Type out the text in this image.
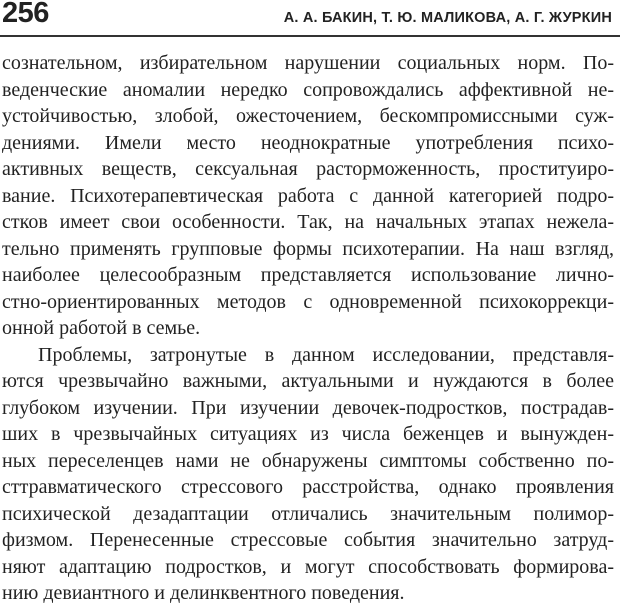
256	А. А. БАКИН, Т. Ю. МАЛИКОВА, А. Г. ЖУРКИН
сознательном, избирательном нарушении социальных норм. По-
веденческие аномалии нередко сопровождались аффективной не-
устойчивостью, злобой, ожесточением, бескомпромиссными суж-
дениями. Имели место неоднократные употребления психо-
активных веществ, сексуальная расторможенность, проституиро-
вание. Психотерапевтическая работа с данной категорией подро-
стков имеет свои особенности. Так, на начальных этапах нежела-
тельно применять групповые формы психотерапии. На наш взгляд,
наиболее целесообразным представляется использование лично-
стно-ориентированных методов с одновременной психокоррекци-
онной работой в семье.
Проблемы, затронутые в данном исследовании, представля-
ются чрезвычайно важными, актуальными и нуждаются в более
глубоком изучении. При изучении девочек-подростков, пострадав-
ших в чрезвычайных ситуациях из числа беженцев и вынужден-
ных переселенцев нами не обнаружены симптомы собственно по-
сттравматического стрессового расстройства, однако проявления
психической дезадаптации отличались значительным полимор-
физмом. Перенесенные стрессовые события значительно затруд-
няют адаптацию подростков, и могут способствовать формирова-
нию девиантного и делинквентного поведения.
